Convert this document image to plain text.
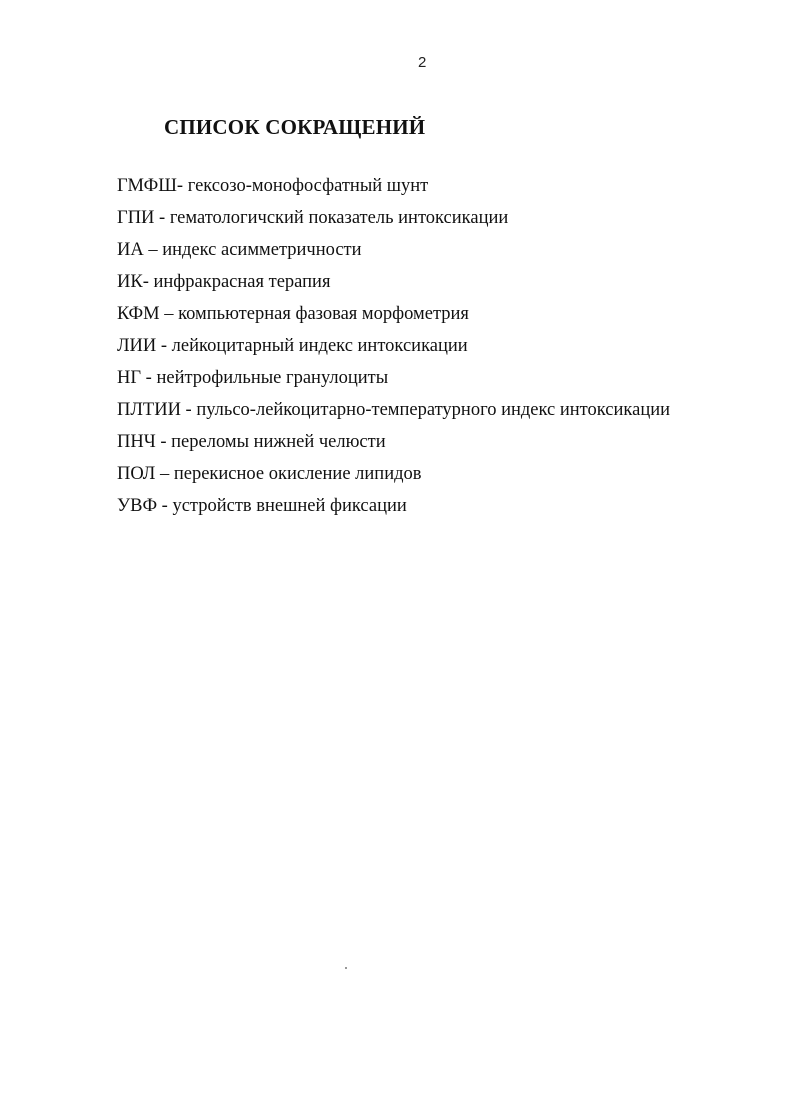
2
СПИСОК СОКРАЩЕНИЙ
ГМФШ- гексозо-монофосфатный шунт
ГПИ - гематологичский показатель интоксикации
ИА – индекс асимметричности
ИК- инфракрасная терапия
КФМ – компьютерная фазовая морфометрия
ЛИИ - лейкоцитарный индекс интоксикации
НГ - нейтрофильные гранулоциты
ПЛТИИ - пульсо-лейкоцитарно-температурного индекс интоксикации
ПНЧ - переломы нижней челюсти
ПОЛ – перекисное окисление липидов
УВФ - устройств внешней фиксации
